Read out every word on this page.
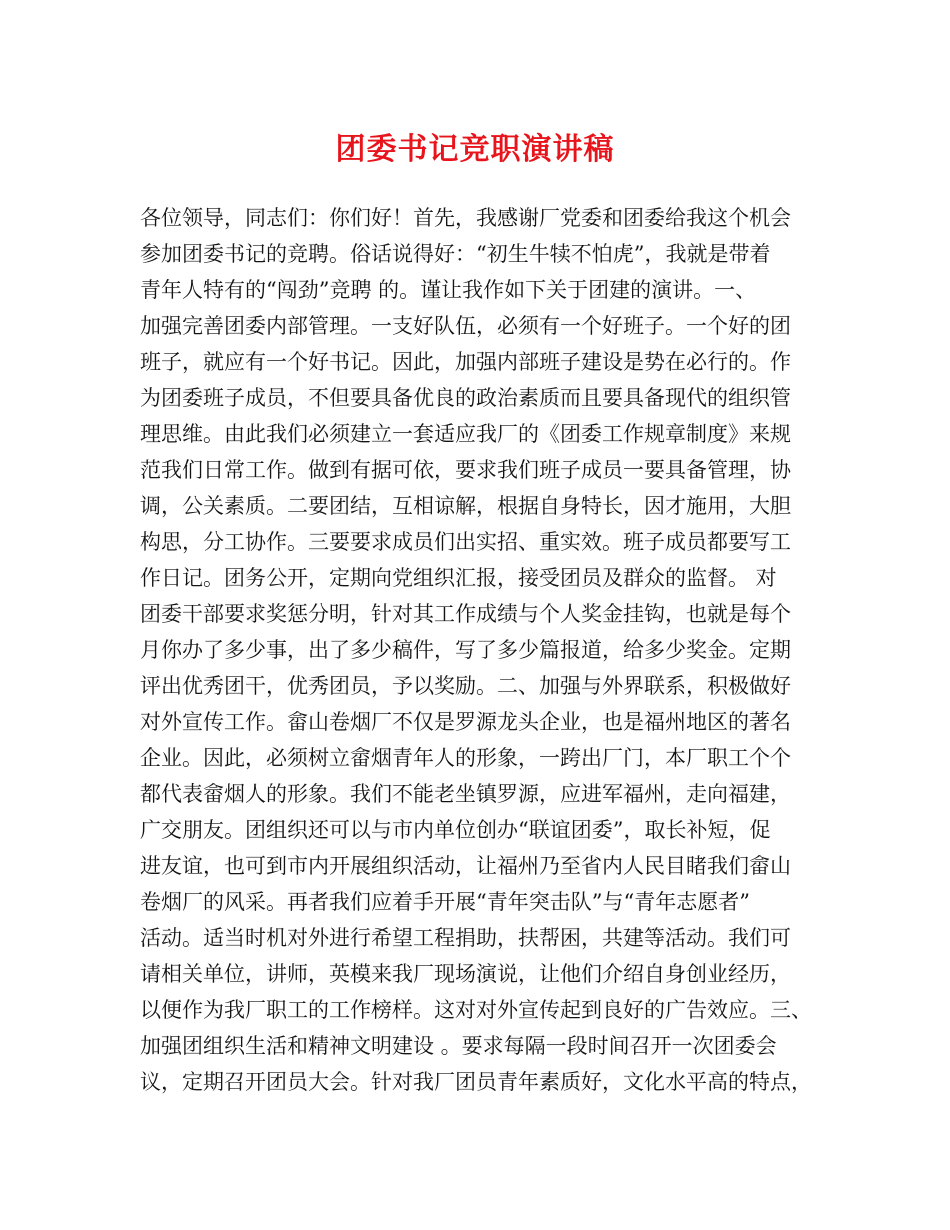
团委书记竞职演讲稿
各位领导，同志们：你们好！首先，我感谢厂党委和团委给我这个机会
参加团委书记的竞聘。俗话说得好：“初生牛犊不怕虎”，我就是带着
青年人特有的“闯劲”竞聘 的。谨让我作如下关于团建的演讲。一、
加强完善团委内部管理。一支好队伍，必须有一个好班子。一个好的团
班子，就应有一个好书记。因此，加强内部班子建设是势在必行的。作
为团委班子成员，不但要具备优良的政治素质而且要具备现代的组织管
理思维。由此我们必须建立一套适应我厂的《团委工作规章制度》来规
范我们日常工作。做到有据可依，要求我们班子成员一要具备管理，协
调，公关素质。二要团结，互相谅解，根据自身特长，因才施用，大胆
构思，分工协作。三要要求成员们出实招、重实效。班子成员都要写工
作日记。团务公开，定期向党组织汇报，接受团员及群众的监督。 对
团委干部要求奖惩分明，针对其工作成绩与个人奖金挂钩，也就是每个
月你办了多少事，出了多少稿件，写了多少篇报道，给多少奖金。定期
评出优秀团干，优秀团员，予以奖励。二、加强与外界联系，积极做好
对外宣传工作。畲山卷烟厂不仅是罗源龙头企业，也是福州地区的著名
企业。因此，必须树立畲烟青年人的形象，一跨出厂门，本厂职工个个
都代表畲烟人的形象。我们不能老坐镇罗源，应进军福州，走向福建，
广交朋友。团组织还可以与市内单位创办“联谊团委”，取长补短，促
进友谊，也可到市内开展组织活动，让福州乃至省内人民目睹我们畲山
卷烟厂的风采。再者我们应着手开展“青年突击队”与“青年志愿者”
活动。适当时机对外进行希望工程捐助，扶帮困，共建等活动。我们可
请相关单位，讲师，英模来我厂现场演说，让他们介绍自身创业经历，
以便作为我厂职工的工作榜样。这对对外宣传起到良好的广告效应。三、
加强团组织生活和精神文明建设 。要求每隔一段时间召开一次团委会
议，定期召开团员大会。针对我厂团员青年素质好，文化水平高的特点，
